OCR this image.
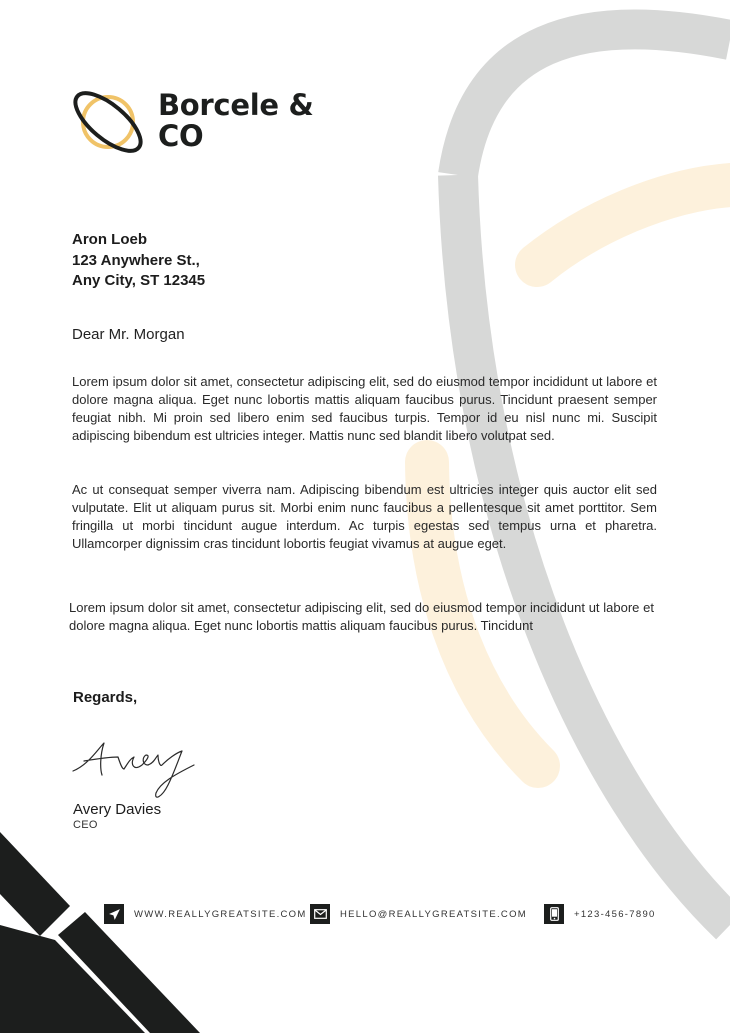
Borcele &
CO
Aron Loeb
123 Anywhere St.,
Any City, ST 12345
Dear Mr. Morgan

Lorem ipsum dolor sit amet, consectetur adipiscing elit, sed do eiusmod tempor incididunt ut labore et dolore magna aliqua. Eget nunc lobortis mattis aliquam faucibus purus. Tincidunt praesent semper feugiat nibh. Mi proin sed libero enim sed faucibus turpis. Tempor id eu nisl nunc mi. Suscipit adipiscing bibendum est ultricies integer. Mattis nunc sed blandit libero volutpat sed.

Ac ut consequat semper viverra nam. Adipiscing bibendum est ultricies integer quis auctor elit sed vulputate. Elit ut aliquam purus sit. Morbi enim nunc faucibus a pellentesque sit amet porttitor. Sem fringilla ut morbi tincidunt augue interdum. Ac turpis egestas sed tempus urna et pharetra. Ullamcorper dignissim cras tincidunt lobortis feugiat vivamus at augue eget.

Lorem ipsum dolor sit amet, consectetur adipiscing elit, sed do eiusmod tempor incididunt ut labore et dolore magna aliqua. Eget nunc lobortis mattis aliquam faucibus purus. Tincidunt

Regards,
Avery Davies
CEO
WWW.REALLYGREATSITE.COM	HELLO@REALLYGREATSITE.COM	+123-456-7890
